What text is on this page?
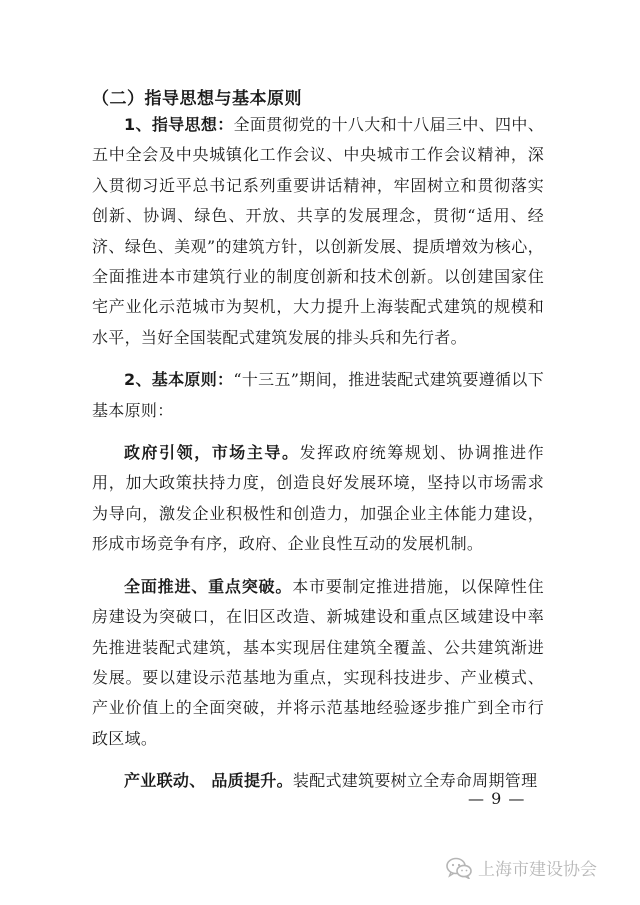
（二）指导思想与基本原则

1、指导思想：全面贯彻党的十八大和十八届三中、四中、五中全会及中央城镇化工作会议、中央城市工作会议精神，深入贯彻习近平总书记系列重要讲话精神，牢固树立和贯彻落实创新、协调、绿色、开放、共享的发展理念，贯彻“适用、经济、绿色、美观”的建筑方针，以创新发展、提质增效为核心，全面推进本市建筑行业的制度创新和技术创新。以创建国家住宅产业化示范城市为契机，大力提升上海装配式建筑的规模和水平，当好全国装配式建筑发展的排头兵和先行者。

2、基本原则：“十三五”期间，推进装配式建筑要遵循以下基本原则：

政府引领，市场主导。发挥政府统筹规划、协调推进作用，加大政策扶持力度，创造良好发展环境，坚持以市场需求为导向，激发企业积极性和创造力，加强企业主体能力建设，形成市场竞争有序，政府、企业良性互动的发展机制。

全面推进、重点突破。本市要制定推进措施，以保障性住房建设为突破口，在旧区改造、新城建设和重点区域建设中率先推进装配式建筑，基本实现居住建筑全覆盖、公共建筑渐进发展。要以建设示范基地为重点，实现科技进步、产业模式、产业价值上的全面突破，并将示范基地经验逐步推广到全市行政区域。

产业联动、 品质提升。装配式建筑要树立全寿命周期管理

— 9 —
上海市建设协会
